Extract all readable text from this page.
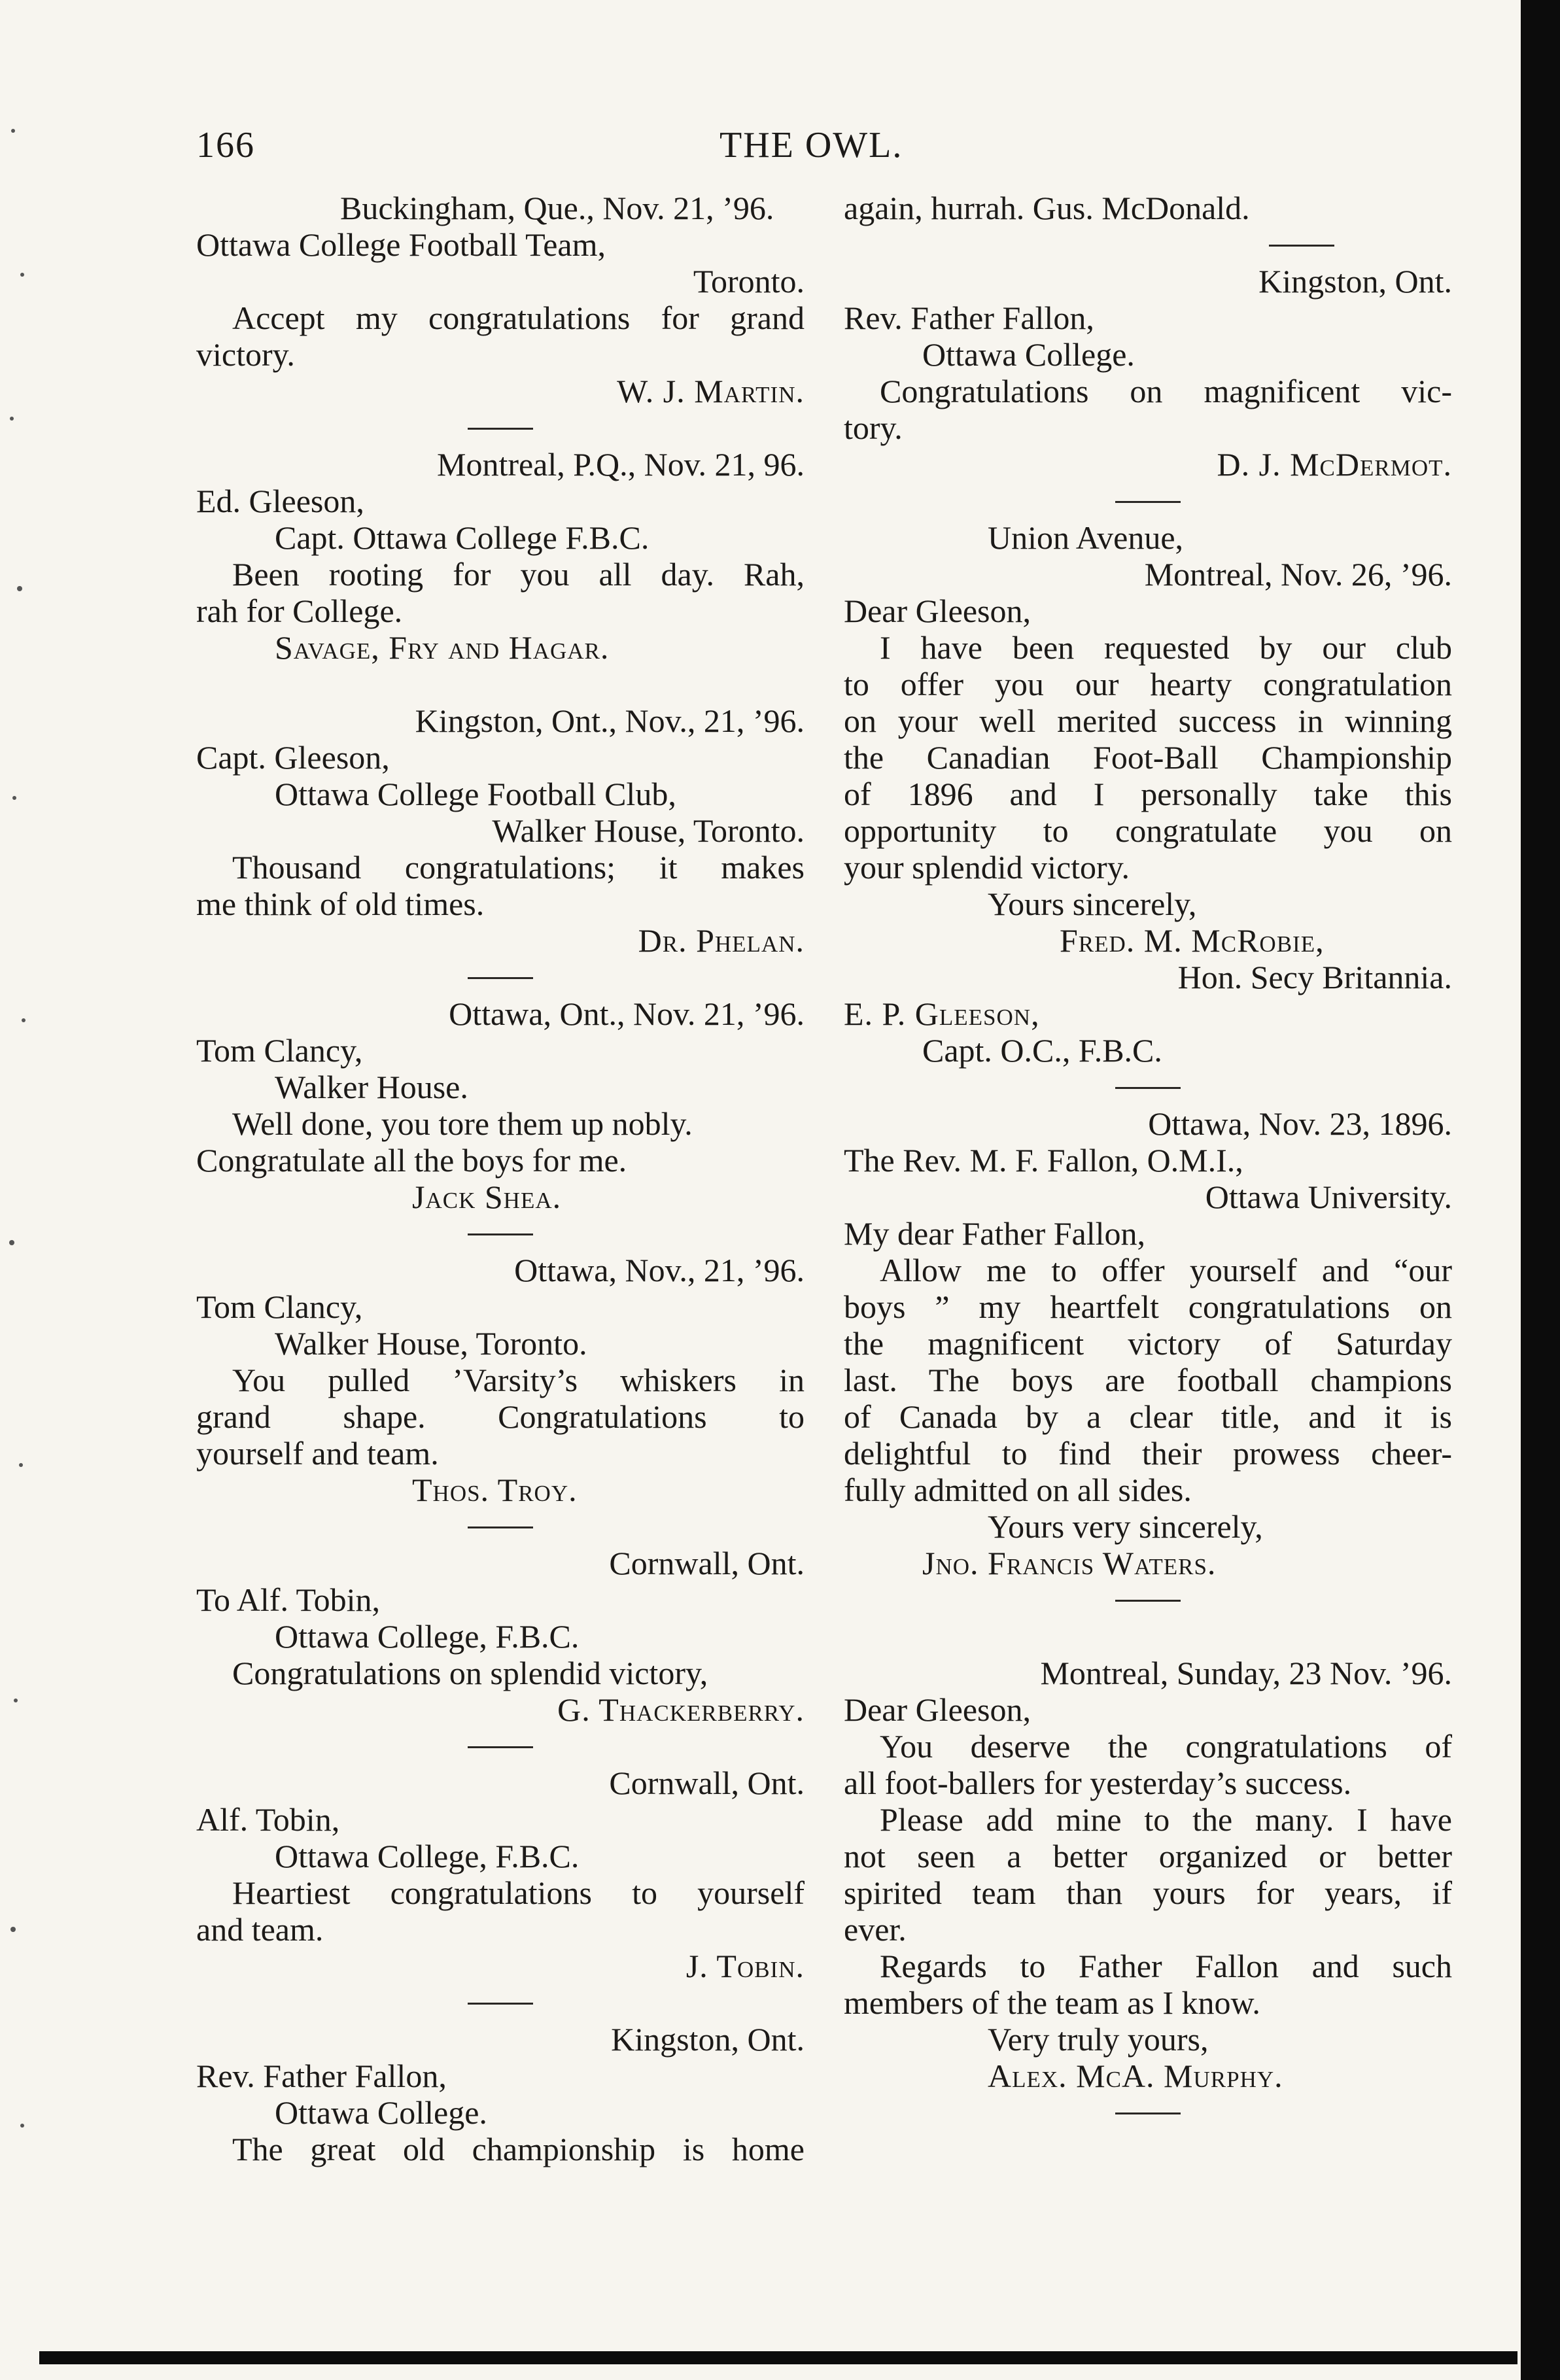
166	THE OWL.
Buckingham, Que., Nov. 21, ’96.
Ottawa College Football Team,
Toronto.
Accept my congratulations for grand
victory.
W. J. Martin.
Montreal, P.Q., Nov. 21, 96.
Ed. Gleeson,
Capt. Ottawa College F.B.C.
Been rooting for you all day. Rah,
rah for College.
Savage, Fry and Hagar.
Kingston, Ont., Nov., 21, ’96.
Capt. Gleeson,
Ottawa College Football Club,
Walker House, Toronto.
Thousand congratulations; it makes
me think of old times.
Dr. Phelan.
Ottawa, Ont., Nov. 21, ’96.
Tom Clancy,
Walker House.
Well done, you tore them up nobly.
Congratulate all the boys for me.
Jack Shea.
Ottawa, Nov., 21, ’96.
Tom Clancy,
Walker House, Toronto.
You pulled ’Varsity’s whiskers in
grand shape. Congratulations to
yourself and team.
Thos. Troy.
Cornwall, Ont.
To Alf. Tobin,
Ottawa College, F.B.C.
Congratulations on splendid victory,
G. Thackerberry.
Cornwall, Ont.
Alf. Tobin,
Ottawa College, F.B.C.
Heartiest congratulations to yourself
and team.
J. Tobin.
Kingston, Ont.
Rev. Father Fallon,
Ottawa College.
The great old championship is home
again, hurrah. Gus. McDonald.
Kingston, Ont.
Rev. Father Fallon,
Ottawa College.
Congratulations on magnificent vic-
tory.
D. J. McDermot.
Union Avenue,
Montreal, Nov. 26, ’96.
Dear Gleeson,
I have been requested by our club
to offer you our hearty congratulation
on your well merited success in winning
the Canadian Foot-Ball Championship
of 1896 and I personally take this
opportunity to congratulate you on
your splendid victory.
Yours sincerely,
Fred. M. McRobie,
Hon. Secy Britannia.
E. P. Gleeson,
Capt. O.C., F.B.C.
Ottawa, Nov. 23, 1896.
The Rev. M. F. Fallon, O.M.I.,
Ottawa University.
My dear Father Fallon,
Allow me to offer yourself and “our
boys ” my heartfelt congratulations on
the magnificent victory of Saturday
last. The boys are football champions
of Canada by a clear title, and it is
delightful to find their prowess cheer-
fully admitted on all sides.
Yours very sincerely,
Jno. Francis Waters.
Montreal, Sunday, 23 Nov. ’96.
Dear Gleeson,
You deserve the congratulations of
all foot-ballers for yesterday’s success.
Please add mine to the many. I have
not seen a better organized or better
spirited team than yours for years, if
ever.
Regards to Father Fallon and such
members of the team as I know.
Very truly yours,
Alex. McA. Murphy.
